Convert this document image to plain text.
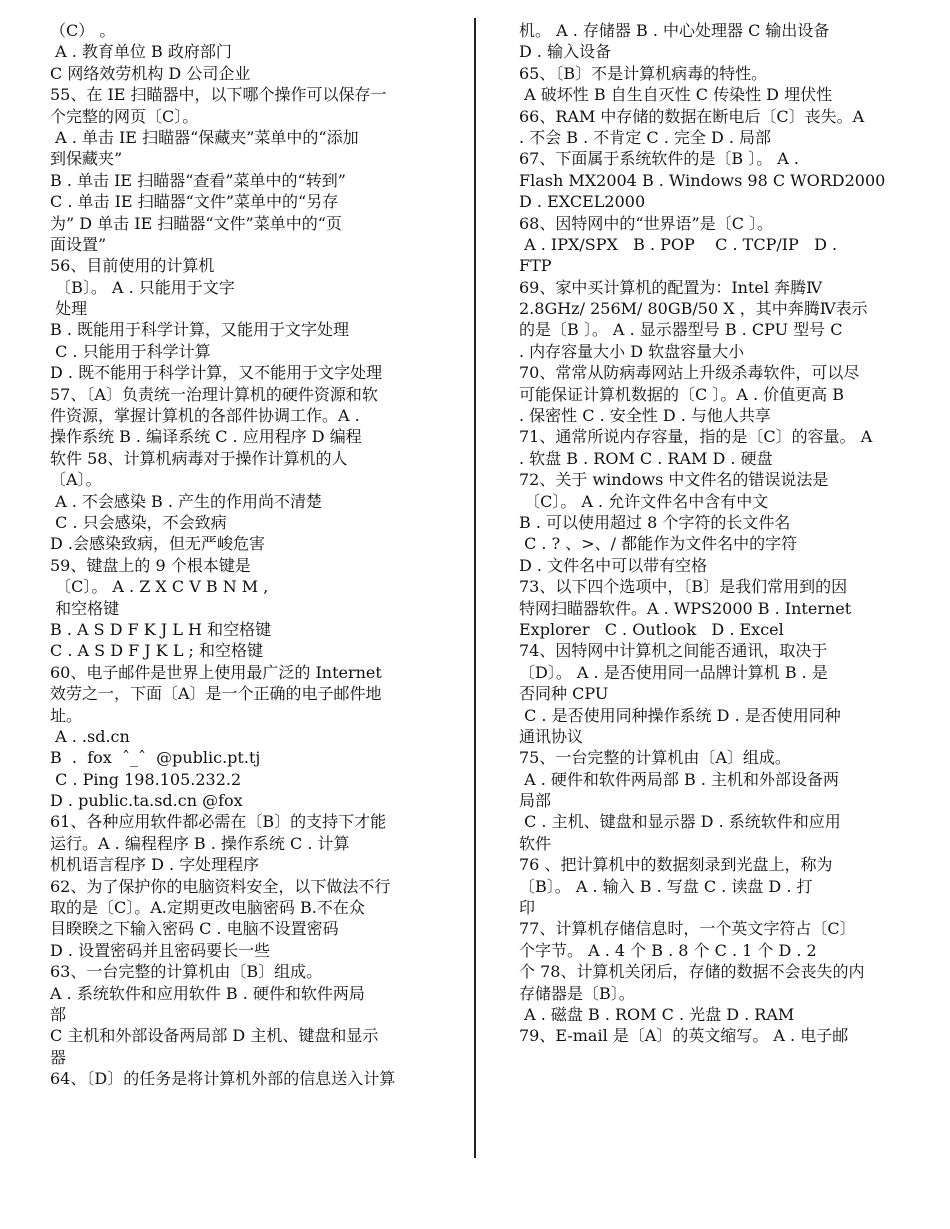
（C） 。
A . 教育单位 B 政府部门
C 网络效劳机构 D 公司企业
55、在 IE 扫瞄器中，以下哪个操作可以保存一
个完整的网页〔C〕。
A . 单击 IE 扫瞄器“保藏夹”菜单中的“添加
到保藏夹”
B . 单击 IE 扫瞄器“查看”菜单中的“转到”
C . 单击 IE 扫瞄器“文件”菜单中的“另存
为” D 单击 IE 扫瞄器“文件”菜单中的“页
面设置”
56、目前使用的计算机
〔B〕。 A . 只能用于文字
处理
B . 既能用于科学计算，又能用于文字处理
C . 只能用于科学计算
D . 既不能用于科学计算，又不能用于文字处理
57、〔A〕负责统一治理计算机的硬件资源和软
件资源，掌握计算机的各部件协调工作。A .
操作系统 B . 编译系统 C . 应用程序 D 编程
软件 58、计算机病毒对于操作计算机的人
〔A〕。
A . 不会感染 B . 产生的作用尚不清楚
C . 只会感染，不会致病
D .会感染致病，但无严峻危害
59、键盘上的 9 个根本键是
〔C〕。 A . Z X C V B N M ,
和空格键
B . A S D F K J L H 和空格键
C . A S D F J K L ; 和空格键
60、电子邮件是世界上使用最广泛的 Internet
效劳之一，下面〔A〕是一个正确的电子邮件地
址。
A . .sd.cn
B  .  fox  ˆ_ˆ  @public.pt.tj
C . Ping 198.105.232.2
D . public.ta.sd.cn @fox
61、各种应用软件都必需在〔B〕的支持下才能
运行。A . 编程程序 B . 操作系统 C . 计算
机机语言程序 D . 字处理程序
62、为了保护你的电脑资料安全，以下做法不行
取的是〔C〕。A.定期更改电脑密码 B.不在众
目睽睽之下输入密码 C . 电脑不设置密码
D . 设置密码并且密码要长一些
63、一台完整的计算机由〔B〕组成。
A . 系统软件和应用软件 B . 硬件和软件两局
部
C 主机和外部设备两局部 D 主机、键盘和显示
器
64、〔D〕的任务是将计算机外部的信息送入计算
机。 A . 存储器 B . 中心处理器 C 输出设备
D . 输入设备
65、〔B〕不是计算机病毒的特性。
A 破坏性 B 自生自灭性 C 传染性 D 埋伏性
66、RAM 中存储的数据在断电后〔C〕丧失。A
. 不会 B . 不肯定 C . 完全 D . 局部
67、下面属于系统软件的是〔B 〕。 A .
Flash MX2004 B . Windows 98 C WORD2000
D . EXCEL2000
68、因特网中的“世界语”是〔C 〕。
A . IPX/SPX   B . POP    C . TCP/IP   D .
FTP
69、家中买计算机的配置为：Intel 奔腾Ⅳ
2.8GHz/ 256M/ 80GB/50 X ，其中奔腾Ⅳ表示
的是〔B 〕。 A . 显示器型号 B . CPU 型号 C
. 内存容量大小 D 软盘容量大小
70、常常从防病毒网站上升级杀毒软件，可以尽
可能保证计算机数据的〔C 〕。A . 价值更高 B
. 保密性 C . 安全性 D . 与他人共享
71、通常所说内存容量，指的是〔C〕的容量。 A
. 软盘 B . ROM C . RAM D . 硬盘
72、关于 windows 中文件名的错误说法是
〔C〕。 A . 允许文件名中含有中文
B . 可以使用超过 8 个字符的长文件名
C . ? 、>、/ 都能作为文件名中的字符
D . 文件名中可以带有空格
73、以下四个选项中，〔B〕是我们常用到的因
特网扫瞄器软件。A . WPS2000 B . Internet
Explorer   C . Outlook   D . Excel
74、因特网中计算机之间能否通讯，取决于
〔D〕。 A . 是否使用同一品牌计算机 B . 是
否同种 CPU
C . 是否使用同种操作系统 D . 是否使用同种
通讯协议
75、一台完整的计算机由〔A〕组成。
A . 硬件和软件两局部 B . 主机和外部设备两
局部
C . 主机、键盘和显示器 D . 系统软件和应用
软件
76 、把计算机中的数据刻录到光盘上，称为
〔B〕。 A . 输入 B . 写盘 C . 读盘 D . 打
印
77、计算机存储信息时，一个英文字符占〔C〕
个字节。 A . 4 个 B . 8 个 C . 1 个 D . 2
个 78、计算机关闭后，存储的数据不会丧失的内
存储器是〔B〕。
A . 磁盘 B . ROM C . 光盘 D . RAM
79、E-mail 是〔A〕的英文缩写。 A . 电子邮
